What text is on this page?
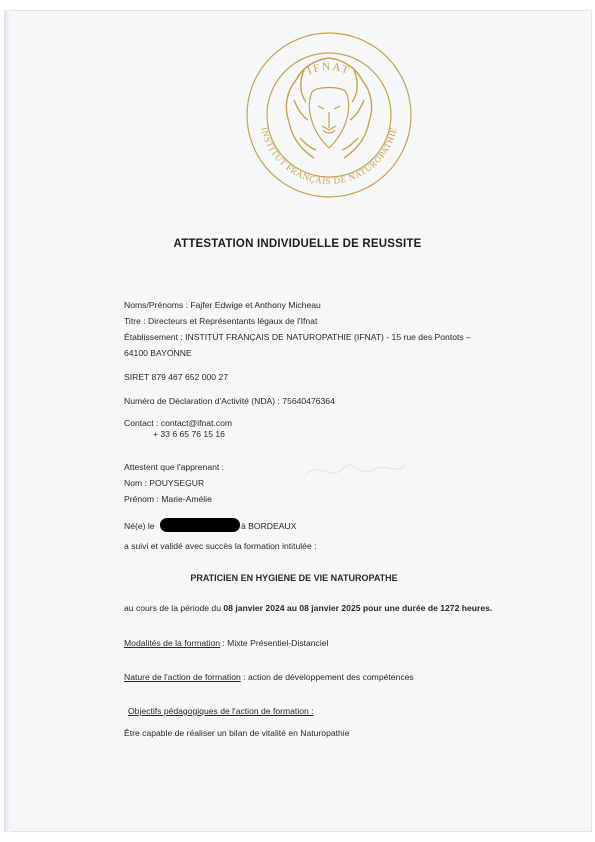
IFNAT
INSTITUT FRANÇAIS DE NATUROPATHIE
ATTESTATION INDIVIDUELLE DE REUSSITE
Noms/Prénoms : Fajfer Edwige et Anthony Micheau
Titre : Directeurs et Représentants légaux de l'Ifnat
Établissement : INSTITUT FRANÇAIS DE NATUROPATHIE (IFNAT) - 15 rue des Pontots –
64100 BAYONNE
SIRET 879 467 652 000 27
Numéro de Déclaration d'Activité (NDA) : 75640476364
Contact : contact@ifnat.com
+ 33 6 65 76 15 16
Attestent que l'apprenant :
Nom : POUYSEGUR
Prénom : Marie-Amélie
Né(e) le	à BORDEAUX
a suivi et validé avec succès la formation intitulée :
PRATICIEN EN HYGIENE DE VIE NATUROPATHE
au cours de la période du 08 janvier 2024 au 08 janvier 2025 pour une durée de 1272 heures.
Modalités de la formation : Mixte Présentiel-Distanciel
Nature de l'action de formation : action de développement des compétences
Objectifs pédagogiques de l'action de formation :
Être capable de réaliser un bilan de vitalité en Naturopathie
